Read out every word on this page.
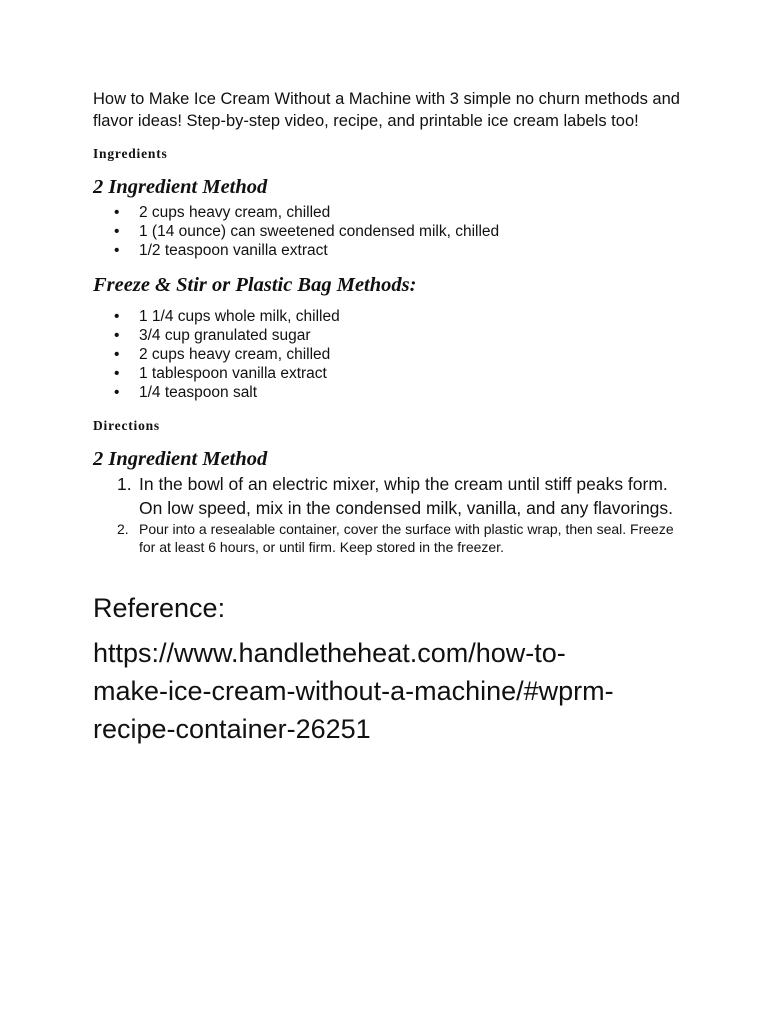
How to Make Ice Cream Without a Machine with 3 simple no churn methods and flavor ideas! Step-by-step video, recipe, and printable ice cream labels too!

Ingredients

2 Ingredient Method

• 2 cups heavy cream, chilled
• 1 (14 ounce) can sweetened condensed milk, chilled
• 1/2 teaspoon vanilla extract

Freeze & Stir or Plastic Bag Methods:

• 1 1/4 cups whole milk, chilled
• 3/4 cup granulated sugar
• 2 cups heavy cream, chilled
• 1 tablespoon vanilla extract
• 1/4 teaspoon salt

Directions

2 Ingredient Method

1. In the bowl of an electric mixer, whip the cream until stiff peaks form. On low speed, mix in the condensed milk, vanilla, and any flavorings.
2. Pour into a resealable container, cover the surface with plastic wrap, then seal. Freeze for at least 6 hours, or until firm. Keep stored in the freezer.

Reference:

https://www.handletheheat.com/how-to-
make-ice-cream-without-a-machine/#wprm-
recipe-container-26251
